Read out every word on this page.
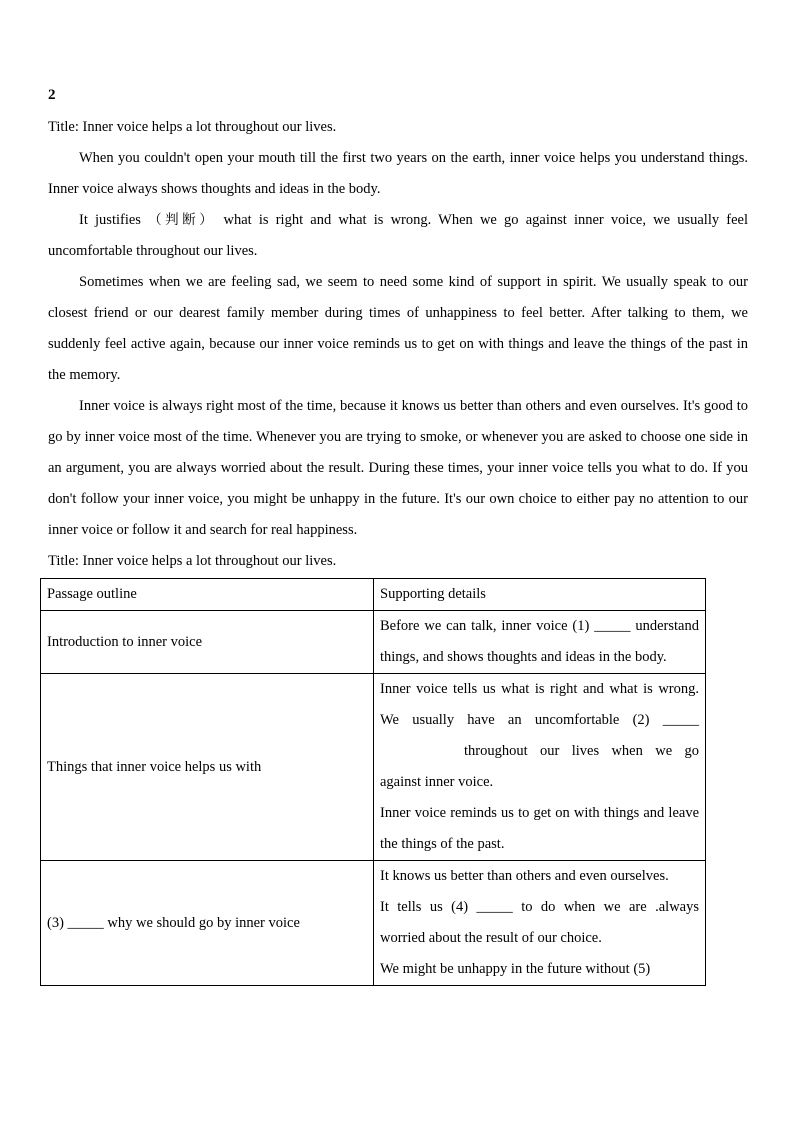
2

Title: Inner voice helps a lot throughout our lives.

When you couldn't open your mouth till the first two years on the earth, inner voice helps you understand things. Inner voice always shows thoughts and ideas in the body.

It justifies （判断） what is right and what is wrong. When we go against inner voice, we usually feel uncomfortable throughout our lives.

Sometimes when we are feeling sad, we seem to need some kind of support in spirit. We usually speak to our closest friend or our dearest family member during times of unhappiness to feel better. After talking to them, we suddenly feel active again, because our inner voice reminds us to get on with things and leave the things of the past in the memory.

Inner voice is always right most of the time, because it knows us better than others and even ourselves. It's good to go by inner voice most of the time. Whenever you are trying to smoke, or whenever you are asked to choose one side in an argument, you are always worried about the result. During these times, your inner voice tells you what to do. If you don't follow your inner voice, you might be unhappy in the future. It's our own choice to either pay no attention to our inner voice or follow it and search for real happiness.

Title: Inner voice helps a lot throughout our lives.

Passage outline	Supporting details
Introduction to inner voice	Before we can talk, inner voice (1) _____ understand things, and shows thoughts and ideas in the body.
Things that inner voice helps us with	Inner voice tells us what is right and what is wrong. We usually have an uncomfortable (2) _____throughout our lives when we go against inner voice.
Inner voice reminds us to get on with things and leave the things of the past.

(3) _____ why we should go by inner voice	It knows us better than others and even ourselves.
It tells us (4) _____ to do when we are .always worried about the result of our choice.
We might be unhappy in the future without (5)
